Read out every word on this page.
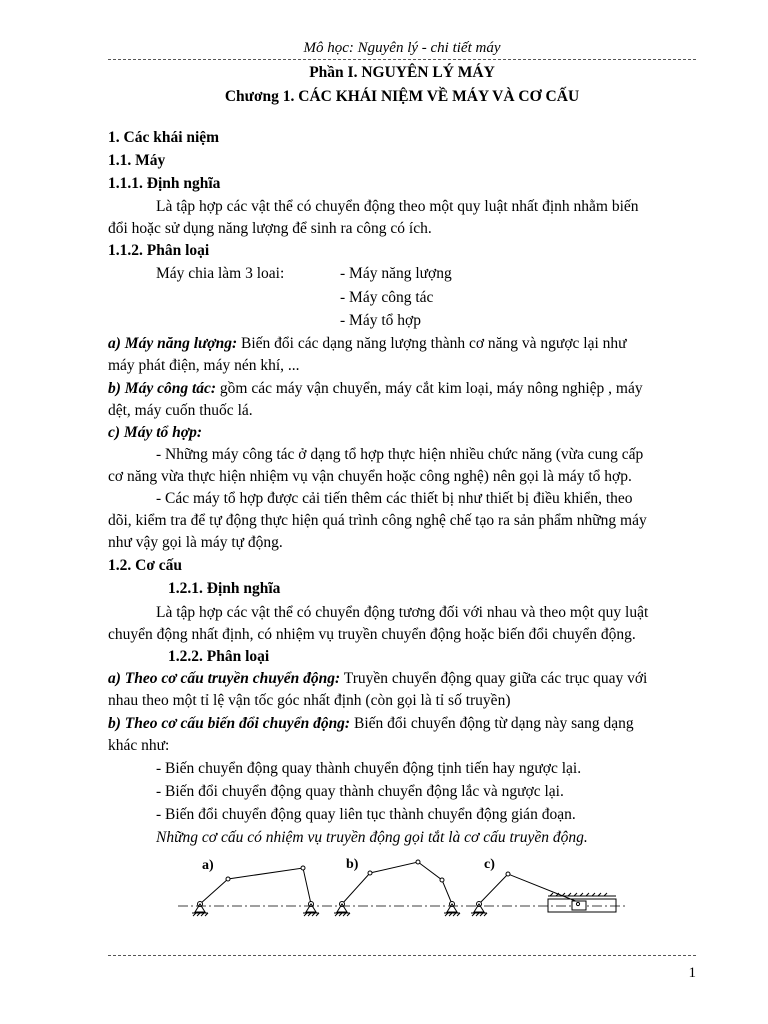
Mô học: Nguyên lý - chi tiết máy
Phần I. NGUYÊN LÝ MÁY
Chương 1. CÁC KHÁI NIỆM VỀ MÁY VÀ CƠ CẤU
1. Các khái niệm
1.1. Máy
1.1.1. Định nghĩa
Là tập hợp các vật thể có chuyển động theo một quy luật nhất định nhằm biến
đổi hoặc sử dụng năng lượng để sinh ra công có ích.
1.1.2. Phân loại
Máy chia làm 3 loai:	- Máy năng lượng
- Máy công tác
- Máy tổ hợp
a) Máy năng lượng: Biến đổi các dạng năng lượng thành cơ năng và ngược lại như
máy phát điện, máy nén khí, ...
b) Máy công tác: gồm các máy vận chuyển, máy cắt kim loại, máy nông nghiệp , máy
dệt, máy cuốn thuốc lá.
c) Máy tổ hợp:
- Những máy công tác ở dạng tổ hợp thực hiện nhiều chức năng (vừa cung cấp
cơ năng vừa thực hiện nhiệm vụ vận chuyển hoặc công nghệ) nên gọi là máy tổ hợp.
- Các máy tổ hợp được cải tiến thêm các thiết bị như thiết bị điều khiển, theo
dõi, kiểm tra để tự động thực hiện quá trình công nghệ chế tạo ra sản phẩm những máy
như vậy gọi là máy tự động.
1.2. Cơ cấu
1.2.1. Định nghĩa
Là tập hợp các vật thể có chuyển động tương đối với nhau và theo một quy luật
chuyển động nhất định, có nhiệm vụ truyền chuyển động hoặc biến đổi chuyển động.
1.2.2. Phân loại
a) Theo cơ cấu truyền chuyển động: Truyền chuyển động quay giữa các trục quay với
nhau theo một tỉ lệ vận tốc góc nhất định (còn gọi là tỉ số truyền)
b) Theo cơ cấu biến đổi chuyển động: Biến đổi chuyển động từ dạng này sang dạng
khác như:
- Biến chuyển động quay thành chuyển động tịnh tiến hay ngược lại.
- Biến đổi chuyển động quay thành chuyển động lắc và ngược lại.
- Biến đổi chuyển động quay liên tục thành chuyển động gián đoạn.
Những cơ cấu có nhiệm vụ truyền động gọi tắt là cơ cấu truyền động.
a)	b)	c)
1
